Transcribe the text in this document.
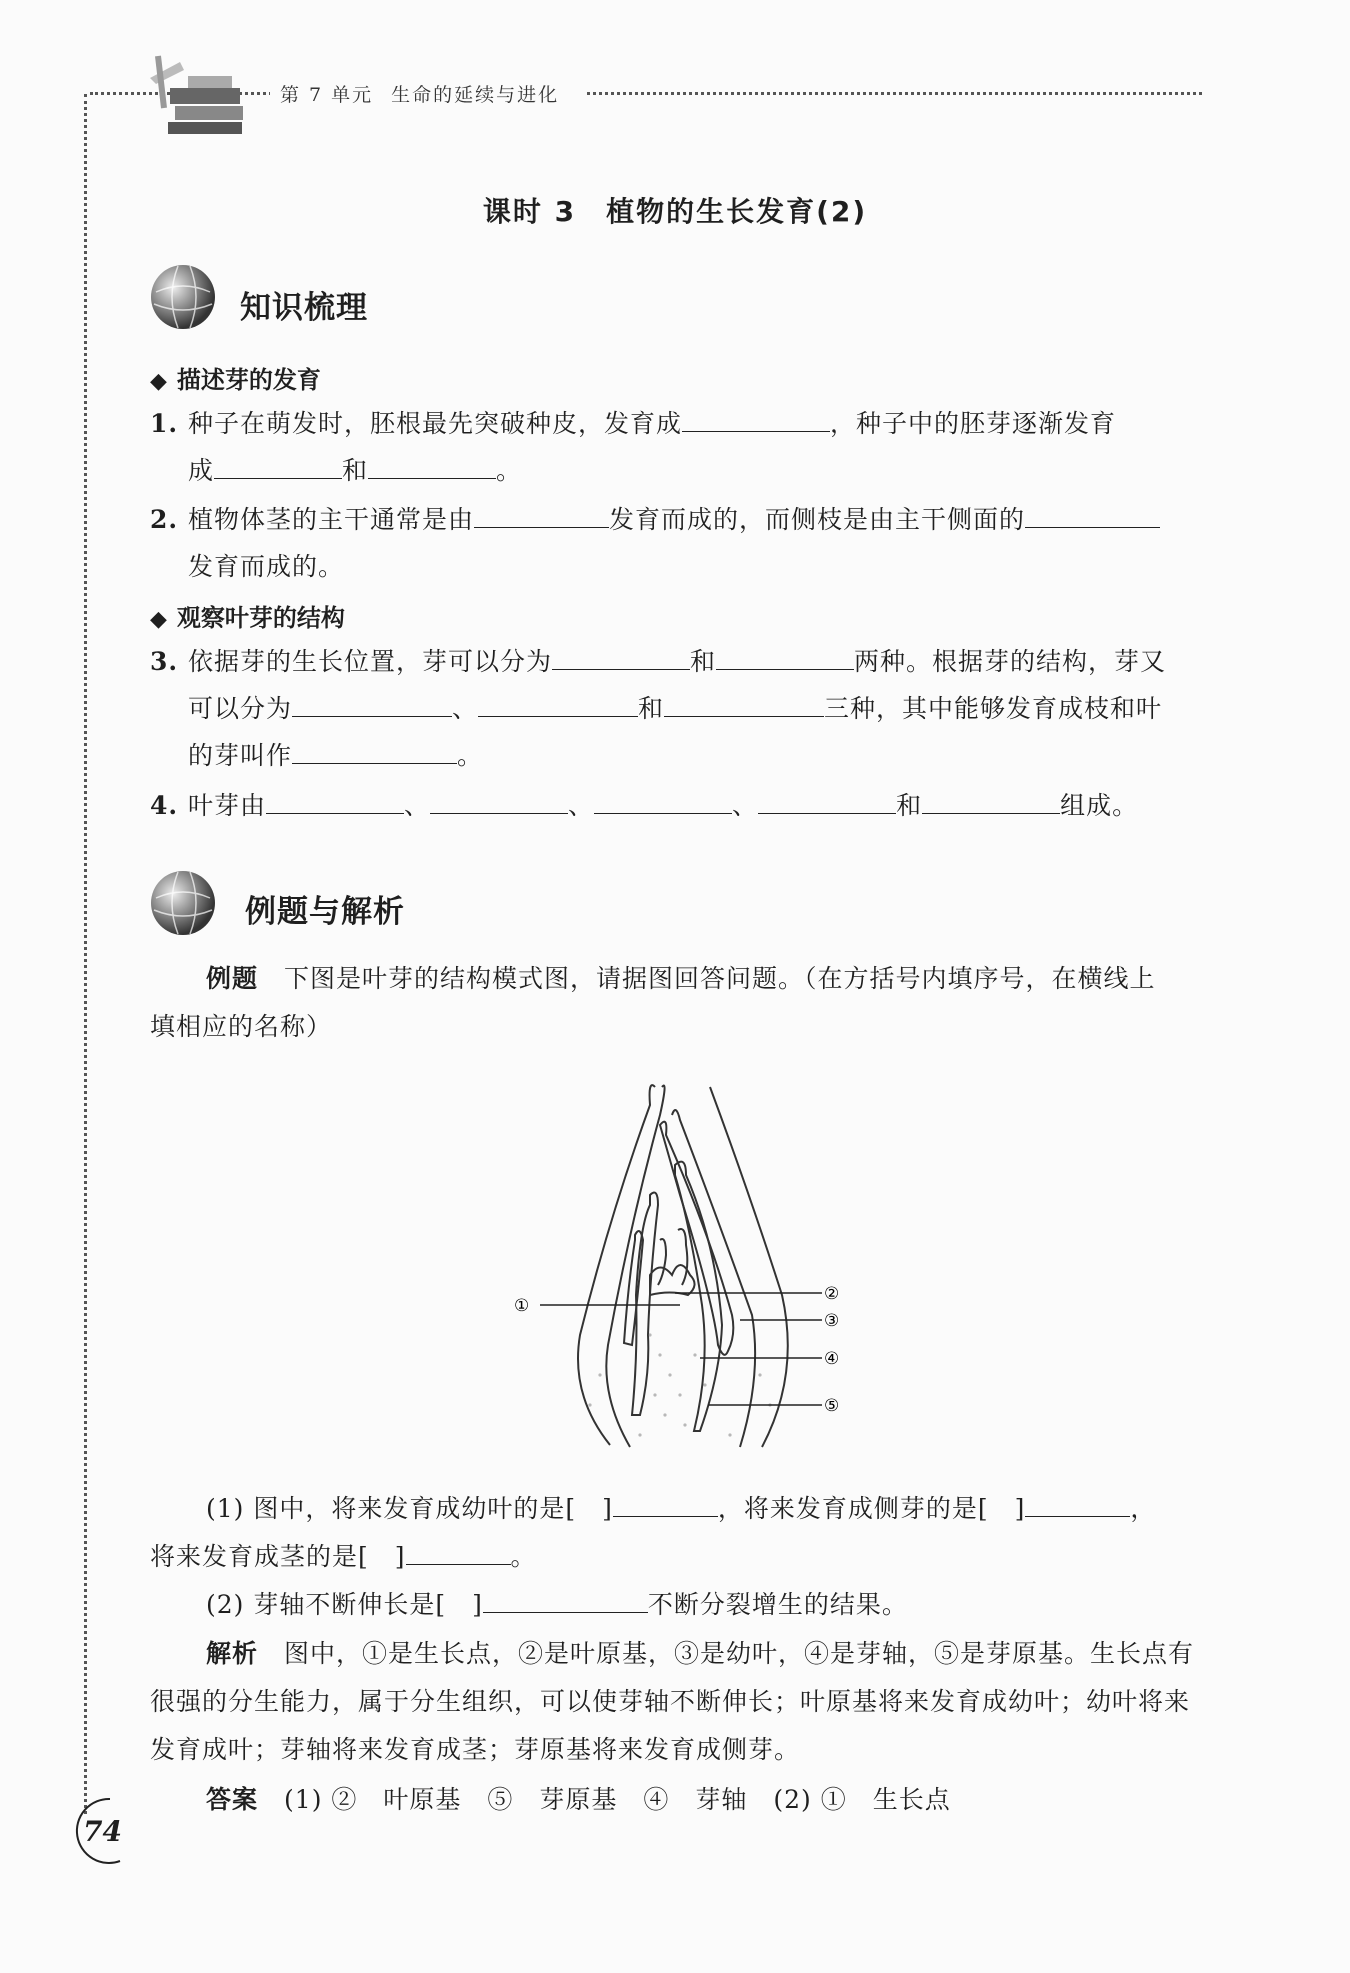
第 7 单元 生命的延续与进化
课时 3　植物的生长发育(2)
知识梳理
◆ 描述芽的发育
1. 种子在萌发时，胚根最先突破种皮，发育成	，种子中的胚芽逐渐发育
成	和	。
2. 植物体茎的主干通常是由	发育而成的，而侧枝是由主干侧面的
发育而成的。
◆ 观察叶芽的结构
3. 依据芽的生长位置，芽可以分为	和	两种。根据芽的结构，芽又
可以分为	、	和	三种，其中能够发育成枝和叶
的芽叫作	。
4. 叶芽由	、	、	、	和	组成。
例题与解析
例题　 下图是叶芽的结构模式图，请据图回答问题。（在方括号内填序号，在横线上
填相应的名称）
①
②
③
④
⑤
(1) 图中，将来发育成幼叶的是[　]	，将来发育成侧芽的是[　]	，
将来发育成茎的是[　]	。
(2) 芽轴不断伸长是[　]	不断分裂增生的结果。
解析　 图中，①是生长点，②是叶原基，③是幼叶，④是芽轴，⑤是芽原基。生长点有
很强的分生能力，属于分生组织，可以使芽轴不断伸长；叶原基将来发育成幼叶；幼叶将来
发育成叶；芽轴将来发育成茎；芽原基将来发育成侧芽。
答案　 (1) ②　叶原基　⑤　芽原基　④　芽轴　(2) ①　生长点
74
